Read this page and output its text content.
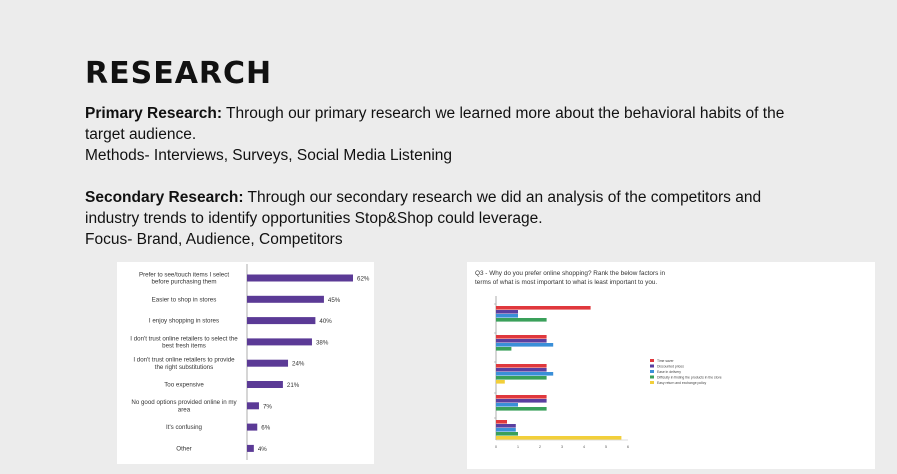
RESEARCH
Primary Research: Through our primary research we learned more about the behavioral habits of the target audience.
Methods- Interviews, Surveys, Social Media Listening
Secondary Research: Through our secondary research we did an analysis of the competitors and industry trends to identify opportunities Stop&Shop could leverage.
Focus- Brand, Audience, Competitors
62%
Prefer to see/touch items I select before purchasing them
45%
Easier to shop in stores
40%
I enjoy shopping in stores
38%
I don't trust online retailers to select the best fresh items
24%
I don't trust online retailers to provide the right substitutions
21%
Too expensive
7%
No good options provided online in my area
6%
It's confusing
4%
Other
Q3 - Why do you prefer online shopping? Rank the below factors in terms of what is most important to what is least important to you.
0	1	2	3	4	5	6
Time saver
Discounted prices
Ease in delivery
Difficulty in finding the products in the store
Easy return and exchange policy
